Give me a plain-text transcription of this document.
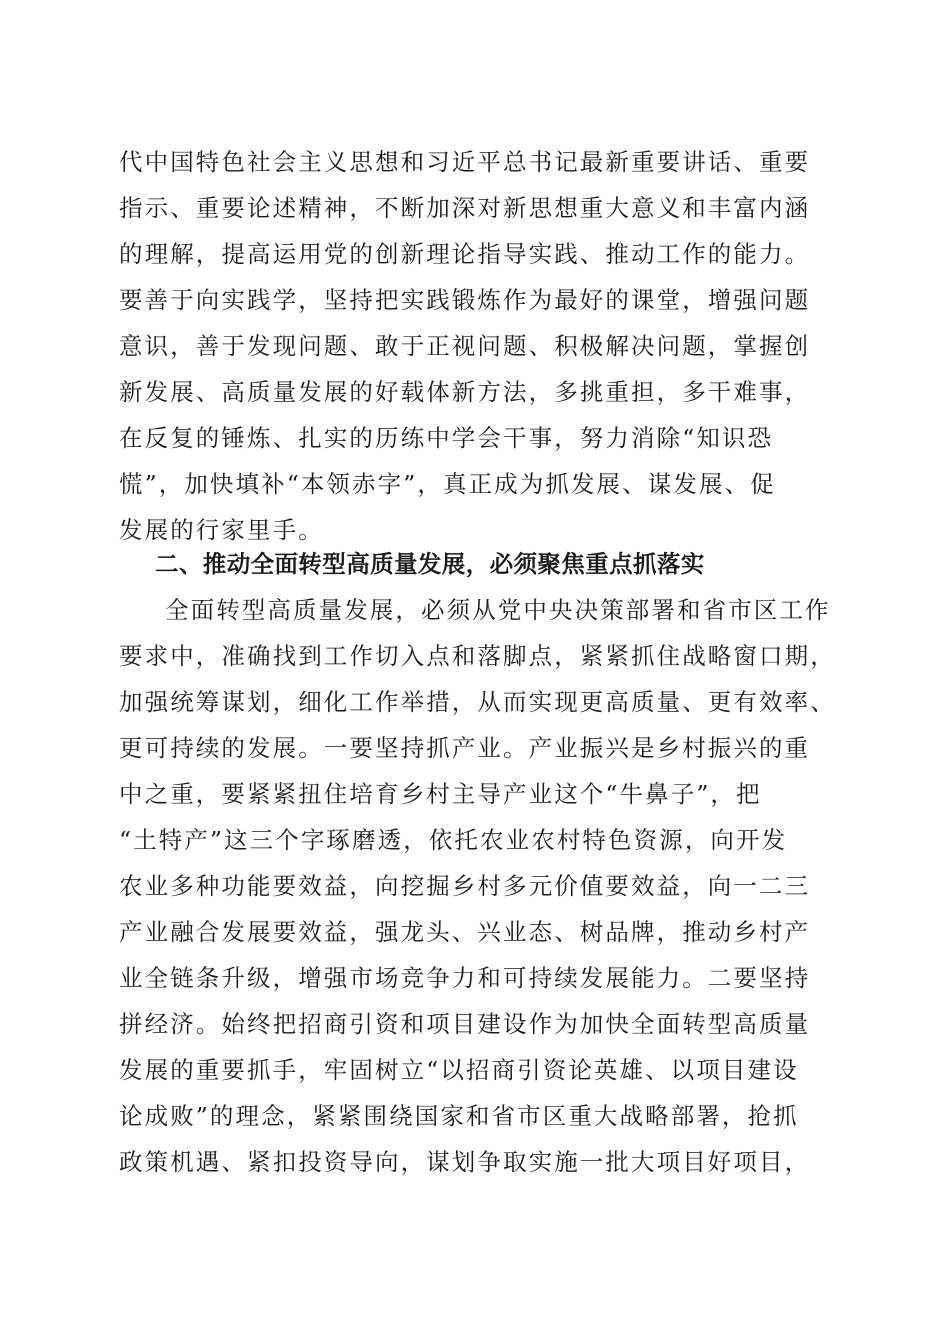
代中国特色社会主义思想和习近平总书记最新重要讲话、重要
指示、重要论述精神，不断加深对新思想重大意义和丰富内涵
的理解，提高运用党的创新理论指导实践、推动工作的能力。
要善于向实践学，坚持把实践锻炼作为最好的课堂，增强问题
意识，善于发现问题、敢于正视问题、积极解决问题，掌握创
新发展、高质量发展的好载体新方法，多挑重担，多干难事，
在反复的锤炼、扎实的历练中学会干事，努力消除“知识恐
慌”，加快填补“本领赤字”，真正成为抓发展、谋发展、促
发展的行家里手。
二、推动全面转型高质量发展，必须聚焦重点抓落实
全面转型高质量发展，必须从党中央决策部署和省市区工作
要求中，准确找到工作切入点和落脚点，紧紧抓住战略窗口期，
加强统筹谋划，细化工作举措，从而实现更高质量、更有效率、
更可持续的发展。一要坚持抓产业。产业振兴是乡村振兴的重
中之重，要紧紧扭住培育乡村主导产业这个“牛鼻子”，把
“土特产”这三个字琢磨透，依托农业农村特色资源，向开发
农业多种功能要效益，向挖掘乡村多元价值要效益，向一二三
产业融合发展要效益，强龙头、兴业态、树品牌，推动乡村产
业全链条升级，增强市场竞争力和可持续发展能力。二要坚持
拼经济。始终把招商引资和项目建设作为加快全面转型高质量
发展的重要抓手，牢固树立“以招商引资论英雄、以项目建设
论成败”的理念，紧紧围绕国家和省市区重大战略部署，抢抓
政策机遇、紧扣投资导向，谋划争取实施一批大项目好项目，
